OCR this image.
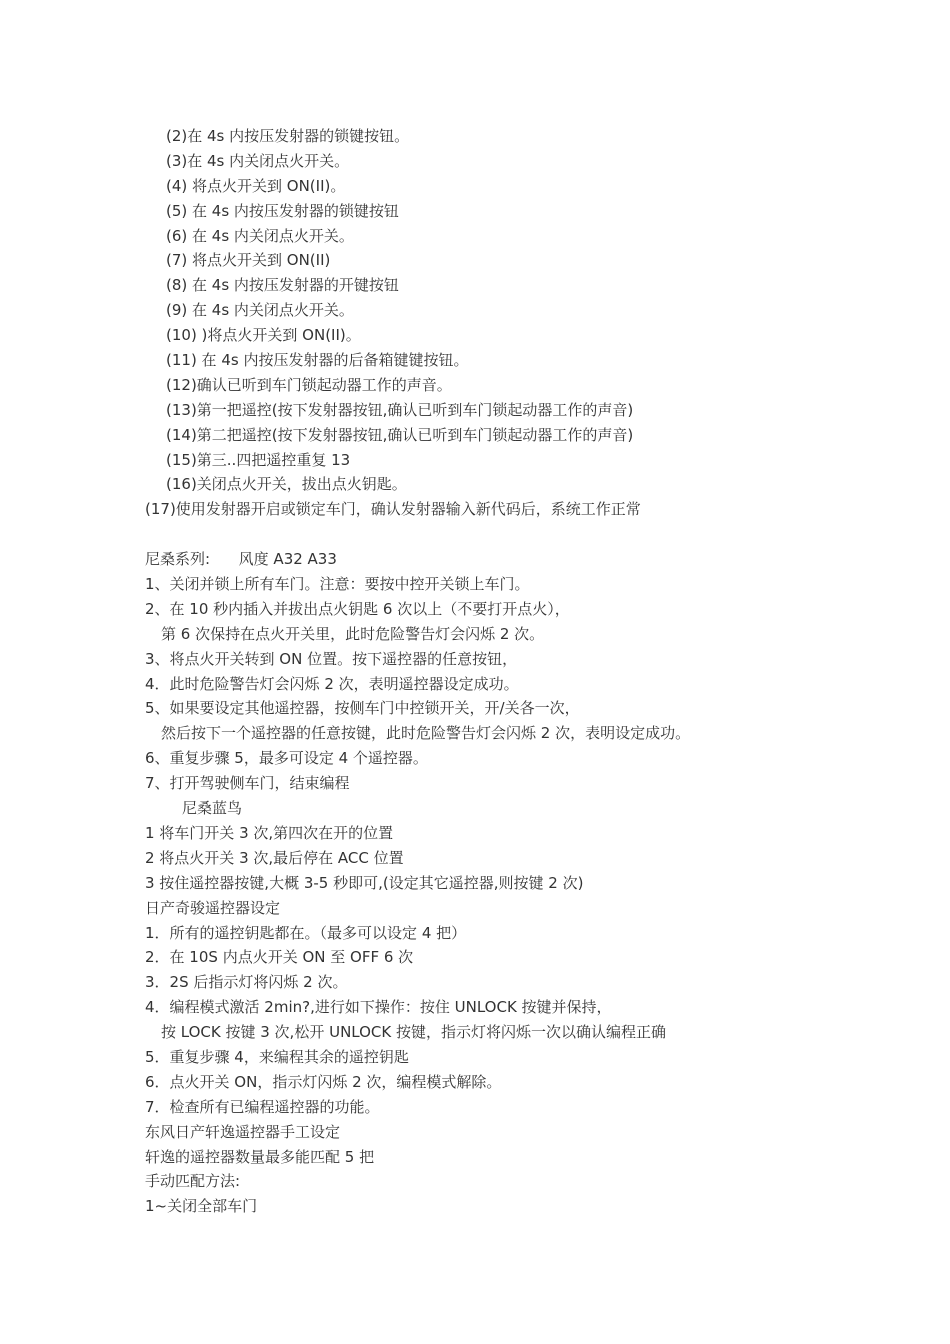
(2)在 4s 内按压发射器的锁键按钮。
(3)在 4s 内关闭点火开关。
(4) 将点火开关到 ON(II)。
(5) 在 4s 内按压发射器的锁键按钮
(6) 在 4s 内关闭点火开关。
(7) 将点火开关到 ON(II)
(8) 在 4s 内按压发射器的开键按钮
(9) 在 4s 内关闭点火开关。
(10) )将点火开关到 ON(II)。
(11) 在 4s 内按压发射器的后备箱键键按钮。
(12)确认已听到车门锁起动器工作的声音。
(13)第一把遥控(按下发射器按钮,确认已听到车门锁起动器工作的声音)
(14)第二把遥控(按下发射器按钮,确认已听到车门锁起动器工作的声音)
(15)第三..四把遥控重复 13
(16)关闭点火开关，拔出点火钥匙。
(17)使用发射器开启或锁定车门，确认发射器输入新代码后，系统工作正常
尼桑系列:      风度 A32 A33
1、关闭并锁上所有车门。注意：要按中控开关锁上车门。
2、在 10 秒内插入并拔出点火钥匙 6 次以上（不要打开点火），
第 6 次保持在点火开关里，此时危险警告灯会闪烁 2 次。
3、将点火开关转到 ON 位置。按下遥控器的任意按钮，
4．此时危险警告灯会闪烁 2 次，表明遥控器设定成功。
5、如果要设定其他遥控器，按侧车门中控锁开关，开/关各一次，
然后按下一个遥控器的任意按键，此时危险警告灯会闪烁 2 次，表明设定成功。
6、重复步骤 5，最多可设定 4 个遥控器。
7、打开驾驶侧车门，结束编程
尼桑蓝鸟
1 将车门开关 3 次,第四次在开的位置
2 将点火开关 3 次,最后停在 ACC 位置
3 按住遥控器按键,大概 3-5 秒即可,(设定其它遥控器,则按键 2 次)
日产奇骏遥控器设定
1．所有的遥控钥匙都在。（最多可以设定 4 把）
2．在 10S 内点火开关 ON 至 OFF 6 次
3．2S 后指示灯将闪烁 2 次。
4．编程模式激活 2min?,进行如下操作：按住 UNLOCK 按键并保持，
按 LOCK 按键 3 次,松开 UNLOCK 按键，指示灯将闪烁一次以确认编程正确
5．重复步骤 4，来编程其余的遥控钥匙
6．点火开关 ON，指示灯闪烁 2 次，编程模式解除。
7．检查所有已编程遥控器的功能。
东风日产轩逸遥控器手工设定
轩逸的遥控器数量最多能匹配 5 把
手动匹配方法:
1~关闭全部车门
